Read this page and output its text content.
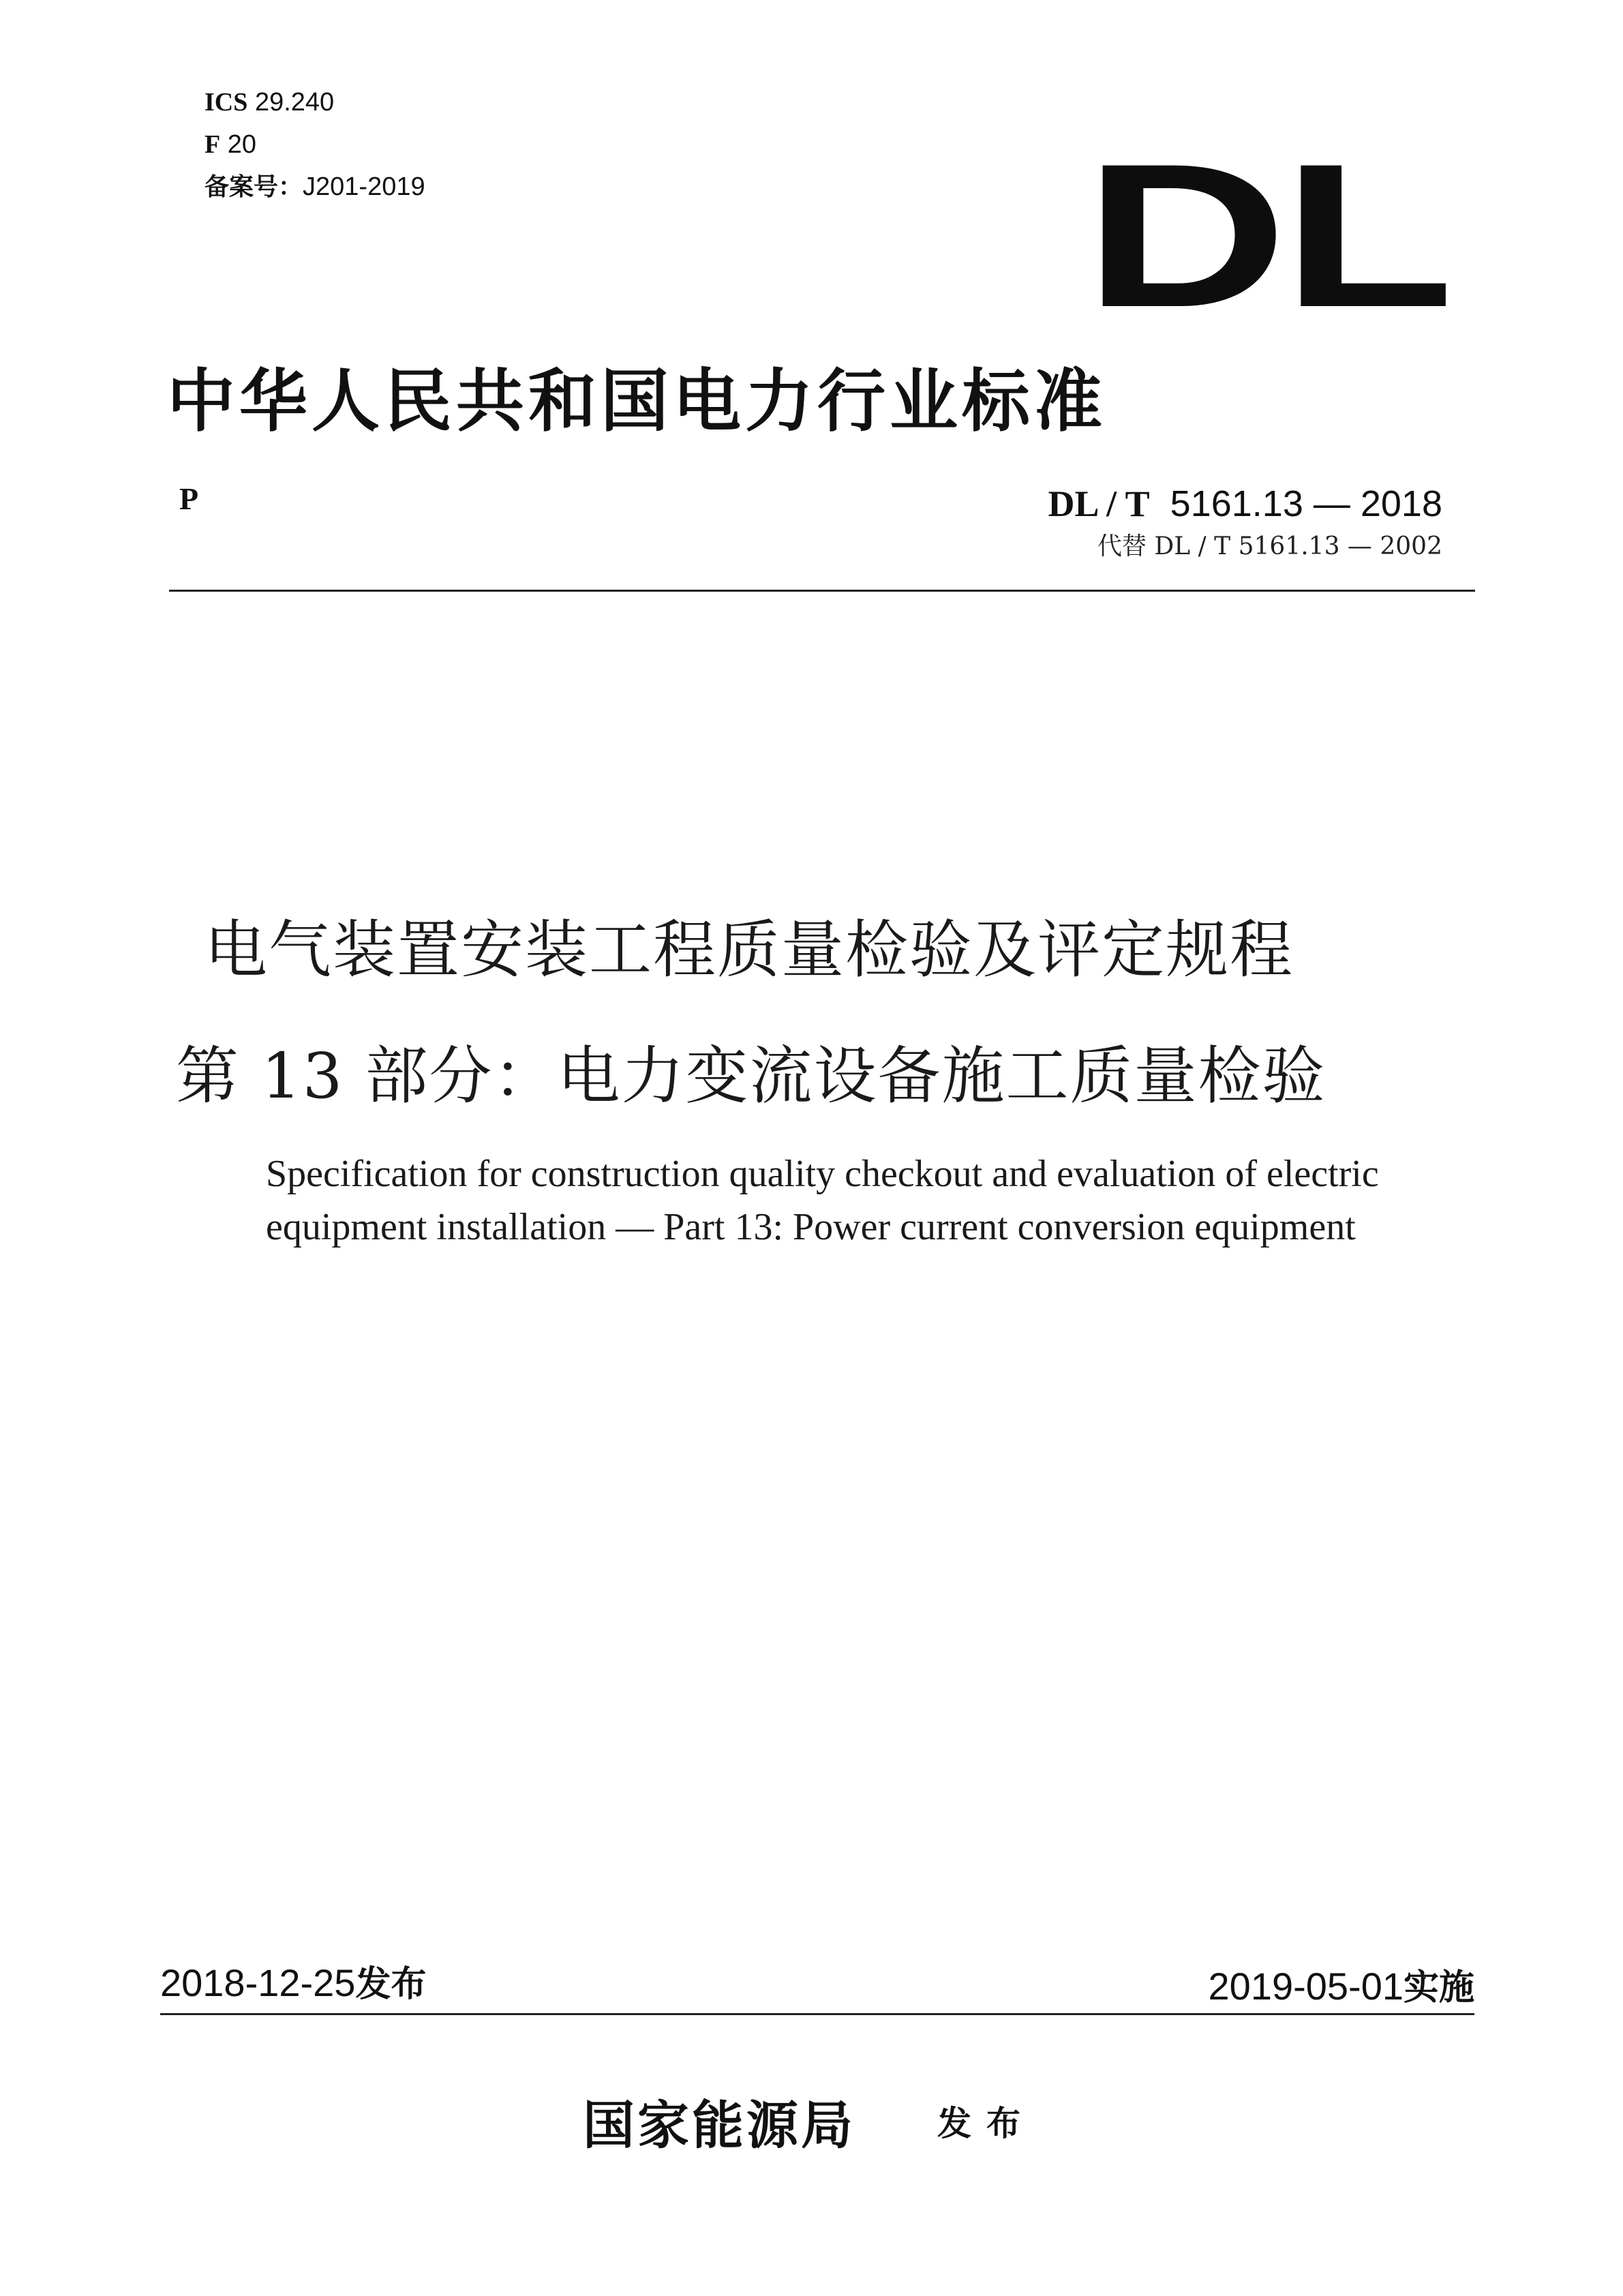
ICS 29.240
F 20
备案号：J201-2019	DL
中华人民共和国电力行业标准
P	DL / T 5161.13 — 2018
代替 DL / T 5161.13 — 2002
电气装置安装工程质量检验及评定规程
第 13 部分：电力变流设备施工质量检验
Specification for construction quality checkout and evaluation of electric
equipment installation — Part 13: Power current conversion equipment
2018-12-25发布	2019-05-01实施
国家能源局 发布
